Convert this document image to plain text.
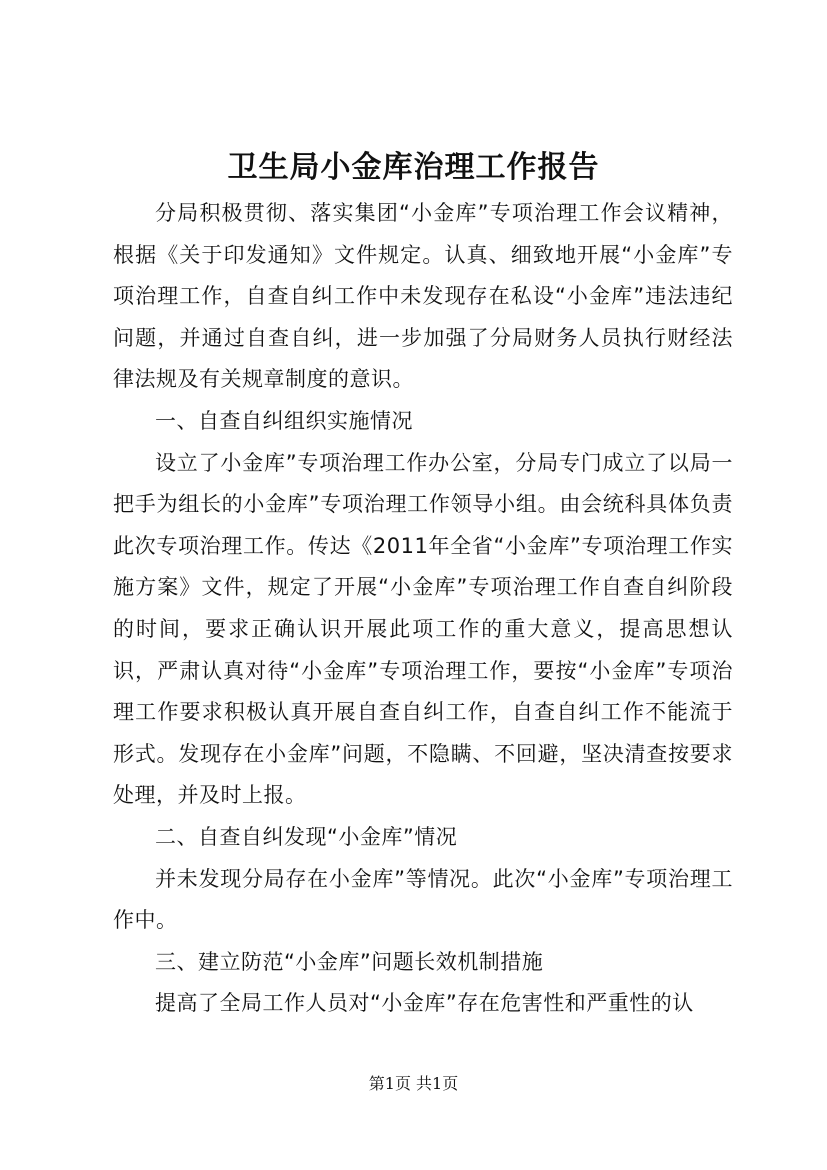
卫生局小金库治理工作报告

分局积极贯彻、落实集团“小金库”专项治理工作会议精神，根据《关于印发通知》文件规定。认真、细致地开展“小金库”专项治理工作，自查自纠工作中未发现存在私设“小金库”违法违纪问题，并通过自查自纠，进一步加强了分局财务人员执行财经法律法规及有关规章制度的意识。

一、自查自纠组织实施情况

设立了小金库”专项治理工作办公室，分局专门成立了以局一把手为组长的小金库”专项治理工作领导小组。由会统科具体负责此次专项治理工作。传达《2011年全省“小金库”专项治理工作实施方案》文件，规定了开展“小金库”专项治理工作自查自纠阶段的时间，要求正确认识开展此项工作的重大意义，提高思想认识，严肃认真对待“小金库”专项治理工作，要按“小金库”专项治理工作要求积极认真开展自查自纠工作，自查自纠工作不能流于形式。发现存在小金库”问题，不隐瞒、不回避，坚决清查按要求处理，并及时上报。

二、自查自纠发现“小金库”情况

并未发现分局存在小金库”等情况。此次“小金库”专项治理工作中。

三、建立防范“小金库”问题长效机制措施

提高了全局工作人员对“小金库”存在危害性和严重性的认

第1页 共1页
